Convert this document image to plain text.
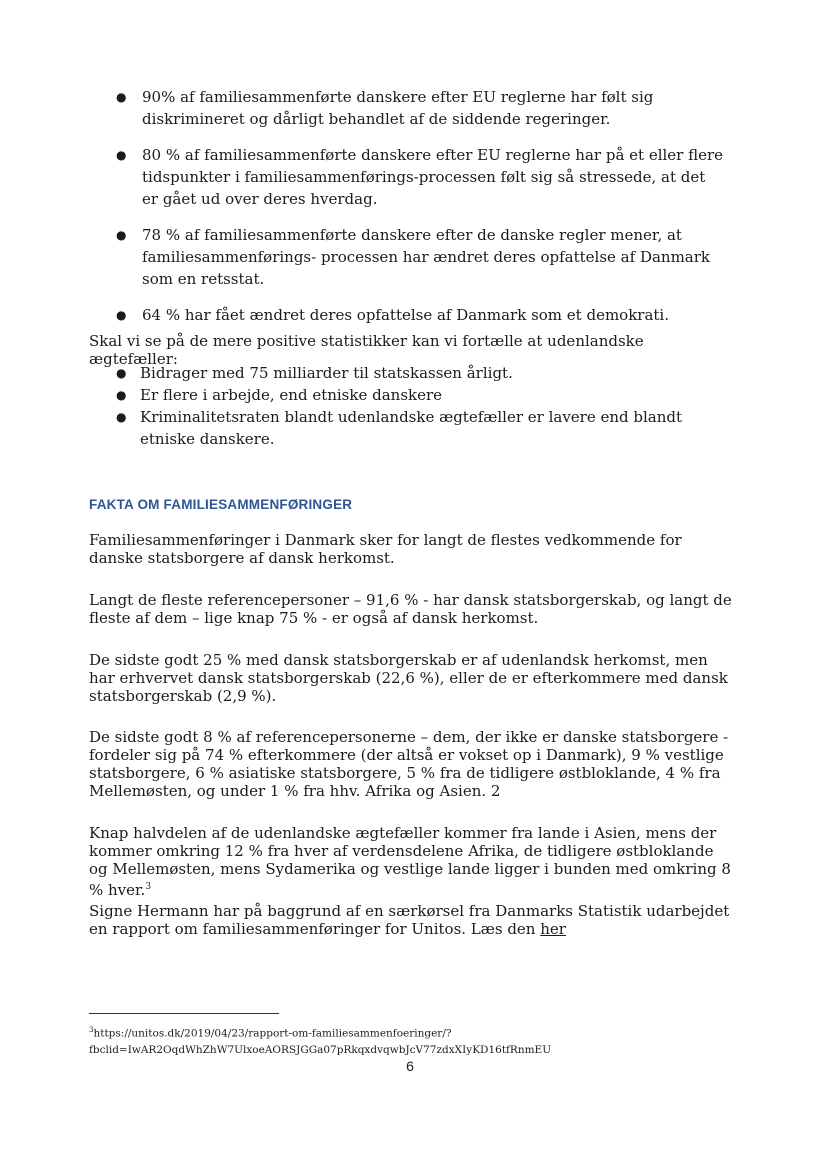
● 90% af familiesammenførte danskere efter EU reglerne har følt sig diskrimineret og dårligt behandlet af de siddende regeringer.
● 80 % af familiesammenførte danskere efter EU reglerne har på et eller flere tidspunkter i familiesammenførings-processen følt sig så stressede, at det er gået ud over deres hverdag.
● 78 % af familiesammenførte danskere efter de danske regler mener, at familiesammenførings- processen har ændret deres opfattelse af Danmark som en retsstat.
● 64 % har fået ændret deres opfattelse af Danmark som et demokrati.

Skal vi se på de mere positive statistikker kan vi fortælle at udenlandske ægtefæller:

● Bidrager med 75 milliarder til statskassen årligt.
● Er flere i arbejde, end etniske danskere
● Kriminalitetsraten blandt udenlandske ægtefæller er lavere end blandt etniske danskere.
FAKTA OM FAMILIESAMMENFØRINGER

Familiesammenføringer i Danmark sker for langt de flestes vedkommende for danske statsborgere af dansk herkomst.

Langt de fleste referencepersoner – 91,6 % - har dansk statsborgerskab, og langt de fleste af dem – lige knap 75 % - er også af dansk herkomst.

De sidste godt 25 % med dansk statsborgerskab er af udenlandsk herkomst, men har erhvervet dansk statsborgerskab (22,6 %), eller de er efterkommere med dansk statsborgerskab (2,9 %).

De sidste godt 8 % af referencepersonerne – dem, der ikke er danske statsborgere - fordeler sig på 74 % efterkommere (der altså er vokset op i Danmark), 9 % vestlige statsborgere, 6 % asiatiske statsborgere, 5 % fra de tidligere østbloklande, 4 % fra Mellemøsten, og under 1 % fra hhv. Afrika og Asien. 2

Knap halvdelen af de udenlandske ægtefæller kommer fra lande i Asien, mens der kommer omkring 12 % fra hver af verdensdelene Afrika, de tidligere østbloklande og Mellemøsten, mens Sydamerika og vestlige lande ligger i bunden med omkring 8 % hver.$^3$

Signe Hermann har på baggrund af en særkørsel fra Danmarks Statistik udarbejdet en rapport om familiesammenføringer for Unitos. Læs den her

$^3$https://unitos.dk/2019/04/23/rapport-om-familiesammenfoeringer/?fbclid=IwAR2OqdWhZhW7UlxoeAORSJGGa07pRkqxdvqwbJcV77zdxXIyKD16tfRnmEU
6
